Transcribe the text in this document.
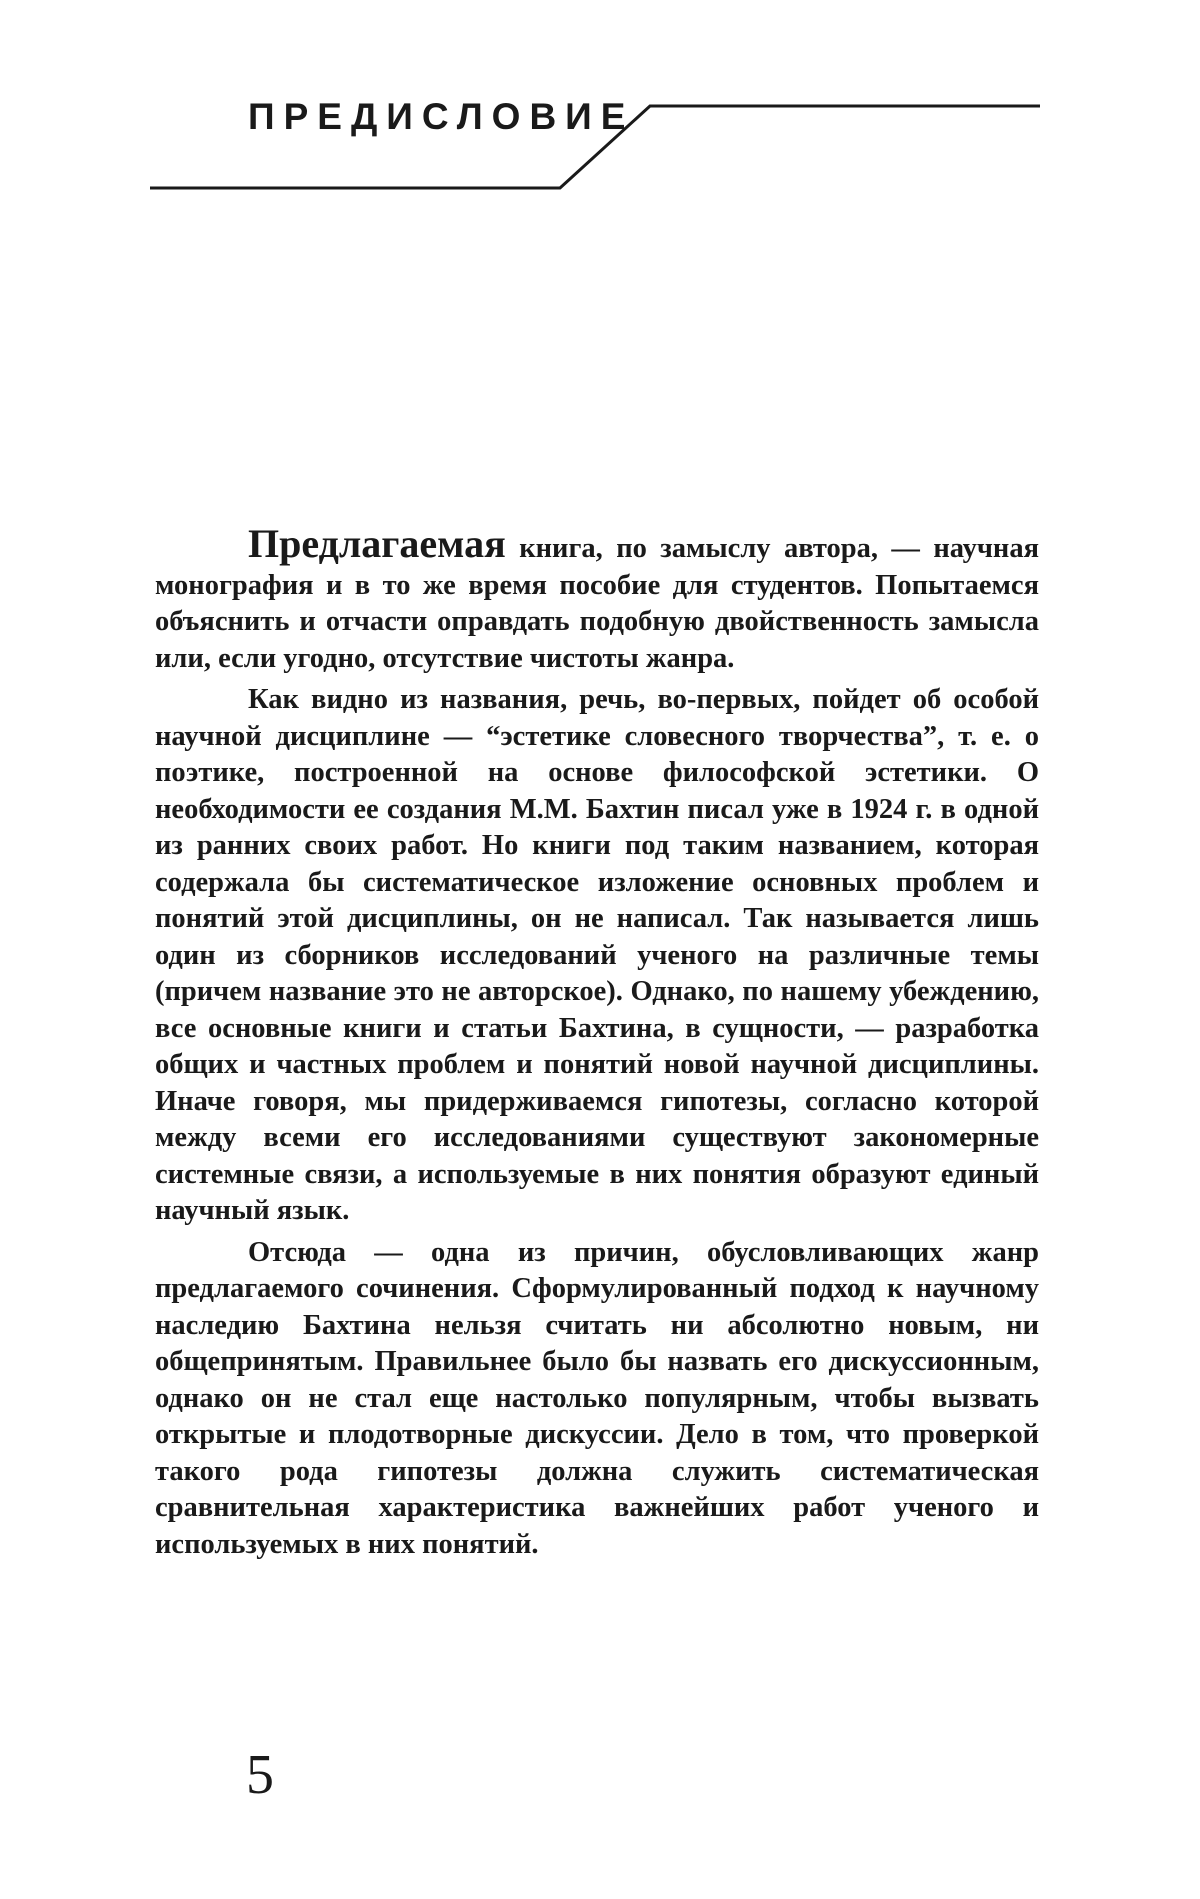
ПРЕДИСЛОВИЕ

Предлагаемая книга, по замыслу автора, — научная монография и в то же время пособие для студентов. Попытаемся объяснить и отчасти оправдать подобную двойственность замысла или, если угодно, отсутствие чистоты жанра.

Как видно из названия, речь, во-первых, пойдет об особой научной дисциплине — “эстетике словесного творчества”, т. е. о поэтике, построенной на основе философской эстетики. О необходимости ее создания М.М. Бахтин писал уже в 1924 г. в одной из ранних своих работ. Но книги под таким названием, которая содержала бы систематическое изложение основных проблем и понятий этой дисциплины, он не написал. Так называется лишь один из сборников исследований ученого на различные темы (причем название это не авторское). Однако, по нашему убеждению, все основные книги и статьи Бахтина, в сущности, — разработка общих и частных проблем и понятий новой научной дисциплины. Иначе говоря, мы придерживаемся гипотезы, согласно которой между всеми его исследованиями существуют закономерные системные связи, а используемые в них понятия образуют единый научный язык.

Отсюда — одна из причин, обусловливающих жанр предлагаемого сочинения. Сформулированный подход к научному наследию Бахтина нельзя считать ни абсолютно новым, ни общепринятым. Правильнее было бы назвать его дискуссионным, однако он не стал еще настолько популярным, чтобы вызвать открытые и плодотворные дискуссии. Дело в том, что проверкой такого рода гипотезы должна служить систематическая сравнительная характеристика важнейших работ ученого и используемых в них понятий.

5
